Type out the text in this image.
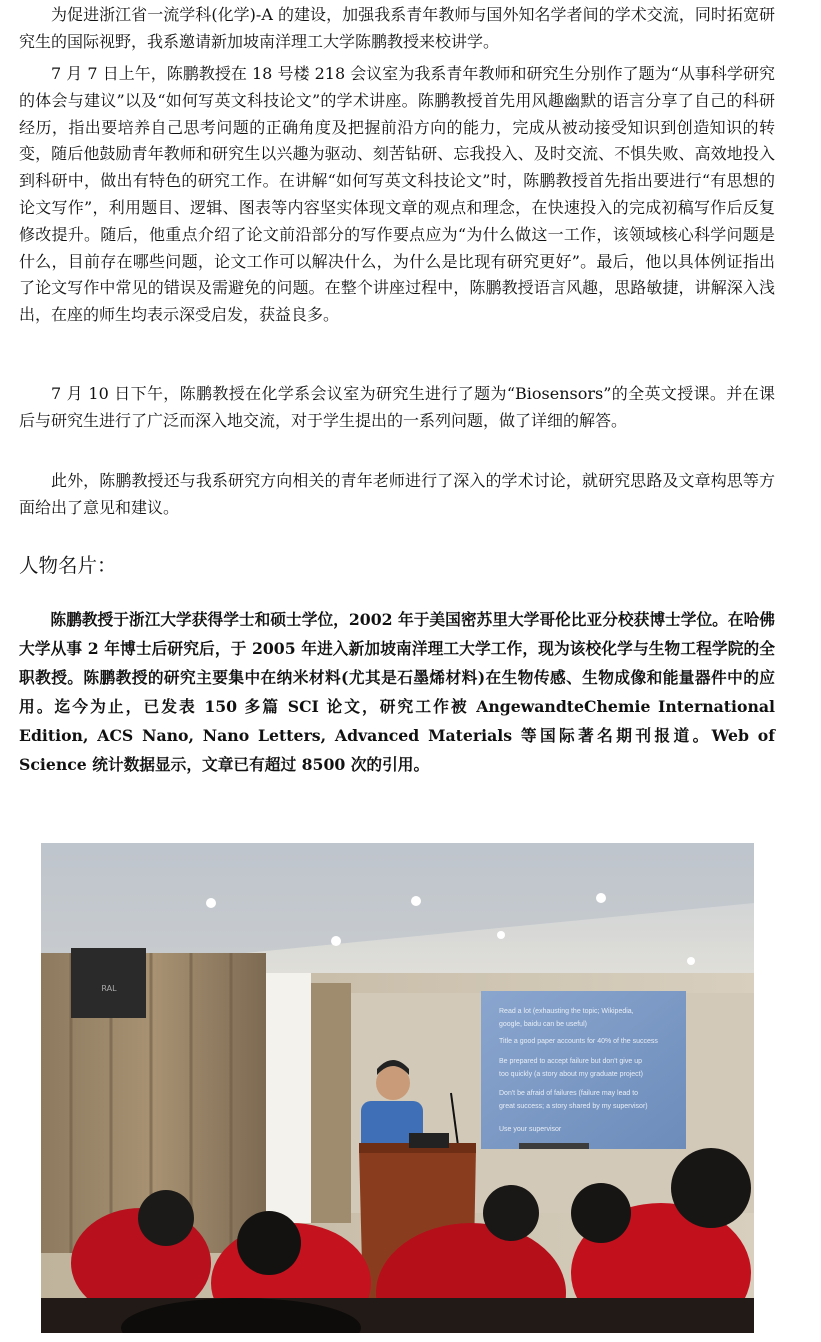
为促进浙江省一流学科(化学)-A 的建设，加强我系青年教师与国外知名学者间的学术交流，同时拓宽研究生的国际视野，我系邀请新加坡南洋理工大学陈鹏教授来校讲学。

7 月 7 日上午，陈鹏教授在 18 号楼 218 会议室为我系青年教师和研究生分别作了题为“从事科学研究的体会与建议”以及“如何写英文科技论文”的学术讲座。陈鹏教授首先用风趣幽默的语言分享了自己的科研经历，指出要培养自己思考问题的正确角度及把握前沿方向的能力，完成从被动接受知识到创造知识的转变，随后他鼓励青年教师和研究生以兴趣为驱动、刻苦钻研、忘我投入、及时交流、不惧失败、高效地投入到科研中，做出有特色的研究工作。在讲解“如何写英文科技论文”时，陈鹏教授首先指出要进行“有思想的论文写作”，利用题目、逻辑、图表等内容坚实体现文章的观点和理念，在快速投入的完成初稿写作后反复修改提升。随后，他重点介绍了论文前沿部分的写作要点应为“为什么做这一工作，该领域核心科学问题是什么，目前存在哪些问题，论文工作可以解决什么，为什么是比现有研究更好”。最后，他以具体例证指出了论文写作中常见的错误及需避免的问题。在整个讲座过程中，陈鹏教授语言风趣，思路敏捷，讲解深入浅出，在座的师生均表示深受启发，获益良多。

7 月 10 日下午，陈鹏教授在化学系会议室为研究生进行了题为“Biosensors”的全英文授课。并在课后与研究生进行了广泛而深入地交流，对于学生提出的一系列问题，做了详细的解答。

此外，陈鹏教授还与我系研究方向相关的青年老师进行了深入的学术讨论，就研究思路及文章构思等方面给出了意见和建议。

人物名片：

陈鹏教授于浙江大学获得学士和硕士学位，2002 年于美国密苏里大学哥伦比亚分校获博士学位。在哈佛大学从事 2 年博士后研究后，于 2005 年进入新加坡南洋理工大学工作，现为该校化学与生物工程学院的全职教授。陈鹏教授的研究主要集中在纳米材料(尤其是石墨烯材料)在生物传感、生物成像和能量器件中的应用。迄今为止，已发表 150 多篇 SCI 论文，研究工作被 AngewandteChemie International Edition, ACS Nano, Nano Letters, Advanced Materials 等国际著名期刊报道。Web of Science 统计数据显示，文章已有超过 8500 次的引用。

RAL
Read a lot (exhausting the topic; Wikipedia,
google, baidu can be useful)
Title a good paper accounts for 40% of the success
Be prepared to accept failure but don't give up
too quickly (a story about my graduate project)
Don't be afraid of failures (failure may lead to
great success; a story shared by my supervisor)
Use your supervisor
